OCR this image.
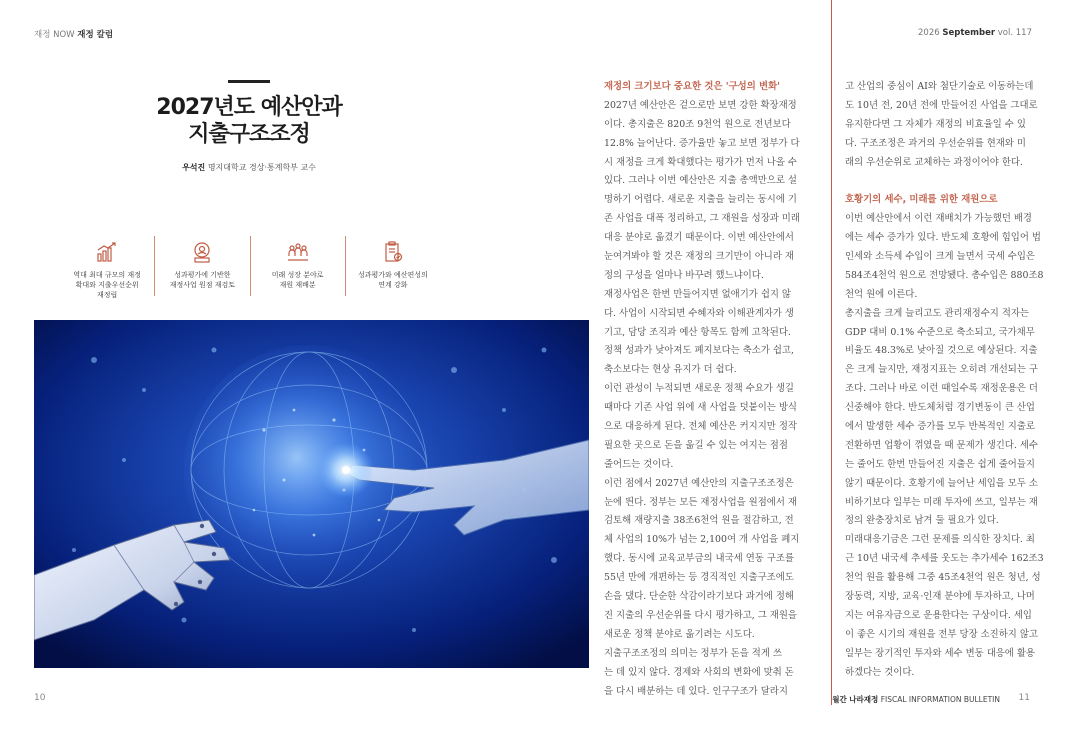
재정 NOW 재정 칼럼	2026 September vol. 117
2027년도 예산안과
지출구조조정
우석진 명지대학교 경상·통계학부 교수
역대 최대 규모의 재정
확대와 지출우선순위
재정립
성과평가에 기반한
재정사업 원점 재검토
미래 성장 분야로
재원 재배분
성과평가와 예산편성의
연계 강화
재정의 크기보다 중요한 것은 '구성의 변화'
2027년 예산안은 겉으로만 보면 강한 확장재정
이다. 총지출은 820조 9천억 원으로 전년보다
12.8% 늘어난다. 증가율만 놓고 보면 정부가 다
시 재정을 크게 확대했다는 평가가 먼저 나올 수
있다. 그러나 이번 예산안은 지출 총액만으로 설
명하기 어렵다. 새로운 지출을 늘리는 동시에 기
존 사업을 대폭 정리하고, 그 재원을 성장과 미래
대응 분야로 옮겼기 때문이다. 이번 예산안에서
눈여겨봐야 할 것은 재정의 크기만이 아니라 재
정의 구성을 얼마나 바꾸려 했느냐이다.
재정사업은 한번 만들어지면 없애기가 쉽지 않
다. 사업이 시작되면 수혜자와 이해관계자가 생
기고, 담당 조직과 예산 항목도 함께 고착된다.
정책 성과가 낮아져도 폐지보다는 축소가 쉽고,
축소보다는 현상 유지가 더 쉽다.
이런 관성이 누적되면 새로운 정책 수요가 생길
때마다 기존 사업 위에 새 사업을 덧붙이는 방식
으로 대응하게 된다. 전체 예산은 커지지만 정작
필요한 곳으로 돈을 옮길 수 있는 여지는 점점
줄어드는 것이다.
이런 점에서 2027년 예산안의 지출구조조정은
눈에 띈다. 정부는 모든 재정사업을 원점에서 재
검토해 재량지출 38조6천억 원을 절감하고, 전
체 사업의 10%가 넘는 2,100여 개 사업을 폐지
했다. 동시에 교육교부금의 내국세 연동 구조를
55년 만에 개편하는 등 경직적인 지출구조에도
손을 댔다. 단순한 삭감이라기보다 과거에 정해
진 지출의 우선순위를 다시 평가하고, 그 재원을
새로운 정책 분야로 옮기려는 시도다.
지출구조조정의 의미는 정부가 돈을 적게 쓰
는 데 있지 않다. 경제와 사회의 변화에 맞춰 돈
을 다시 배분하는 데 있다. 인구구조가 달라지
고 산업의 중심이 AI와 첨단기술로 이동하는데
도 10년 전, 20년 전에 만들어진 사업을 그대로
유지한다면 그 자체가 재정의 비효율일 수 있
다. 구조조정은 과거의 우선순위를 현재와 미
래의 우선순위로 교체하는 과정이어야 한다.
호황기의 세수, 미래를 위한 재원으로
이번 예산안에서 이런 재배치가 가능했던 배경
에는 세수 증가가 있다. 반도체 호황에 힘입어 법
인세와 소득세 수입이 크게 늘면서 국세 수입은
584조4천억 원으로 전망됐다. 총수입은 880조8
천억 원에 이른다.
총지출을 크게 늘리고도 관리재정수지 적자는
GDP 대비 0.1% 수준으로 축소되고, 국가채무
비율도 48.3%로 낮아질 것으로 예상된다. 지출
은 크게 늘지만, 재정지표는 오히려 개선되는 구
조다. 그러나 바로 이런 때일수록 재정운용은 더
신중해야 한다. 반도체처럼 경기변동이 큰 산업
에서 발생한 세수 증가를 모두 반복적인 지출로
전환하면 업황이 꺾였을 때 문제가 생긴다. 세수
는 줄어도 한번 만들어진 지출은 쉽게 줄어들지
않기 때문이다. 호황기에 늘어난 세입을 모두 소
비하기보다 일부는 미래 투자에 쓰고, 일부는 재
정의 완충장치로 남겨 둘 필요가 있다.
미래대응기금은 그런 문제를 의식한 장치다. 최
근 10년 내국세 추세를 웃도는 추가세수 162조3
천억 원을 활용해 그중 45조4천억 원은 청년, 성
장동력, 지방, 교육·인재 분야에 투자하고, 나머
지는 여유자금으로 운용한다는 구상이다. 세입
이 좋은 시기의 재원을 전부 당장 소진하지 않고
일부는 장기적인 투자와 세수 변동 대응에 활용
하겠다는 것이다.
10	월간 나라재정 FISCAL INFORMATION BULLETIN 11
